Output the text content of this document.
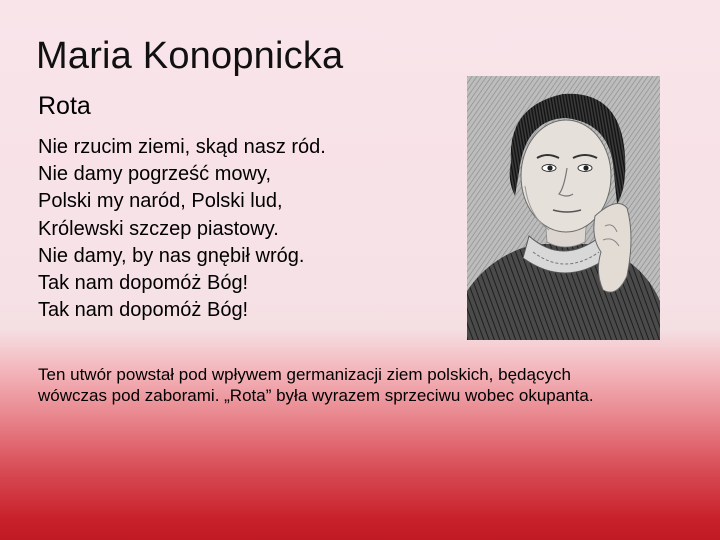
Maria Konopnicka
Rota
Nie rzucim ziemi, skąd nasz ród.
Nie damy pogrześć mowy,
Polski my naród, Polski lud,
Królewski szczep piastowy.
Nie damy, by nas gnębił wróg.
Tak nam dopomóż Bóg!
Tak nam dopomóż Bóg!
Ten utwór powstał pod wpływem germanizacji ziem polskich, będących wówczas pod zaborami. „Rota” była wyrazem sprzeciwu wobec okupanta.
